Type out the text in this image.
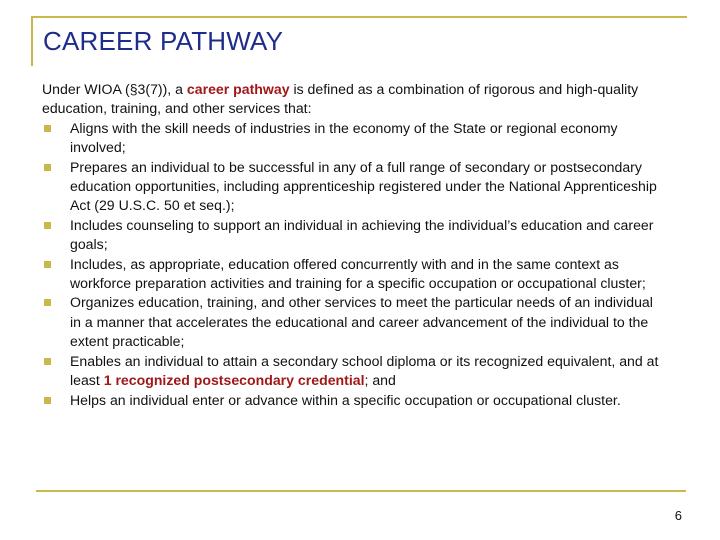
CAREER PATHWAY

Under WIOA (§3(7)), a career pathway is defined as a combination of rigorous and high-quality education, training, and other services that:

Aligns with the skill needs of industries in the economy of the State or regional economy involved;
Prepares an individual to be successful in any of a full range of secondary or postsecondary education opportunities, including apprenticeship registered under the National Apprenticeship Act (29 U.S.C. 50 et seq.);
Includes counseling to support an individual in achieving the individual’s education and career goals;
Includes, as appropriate, education offered concurrently with and in the same context as workforce preparation activities and training for a specific occupation or occupational cluster;
Organizes education, training, and other services to meet the particular needs of an individual in a manner that accelerates the educational and career advancement of the individual to the extent practicable;
Enables an individual to attain a secondary school diploma or its recognized equivalent, and at least 1 recognized postsecondary credential; and
Helps an individual enter or advance within a specific occupation or occupational cluster.
6
